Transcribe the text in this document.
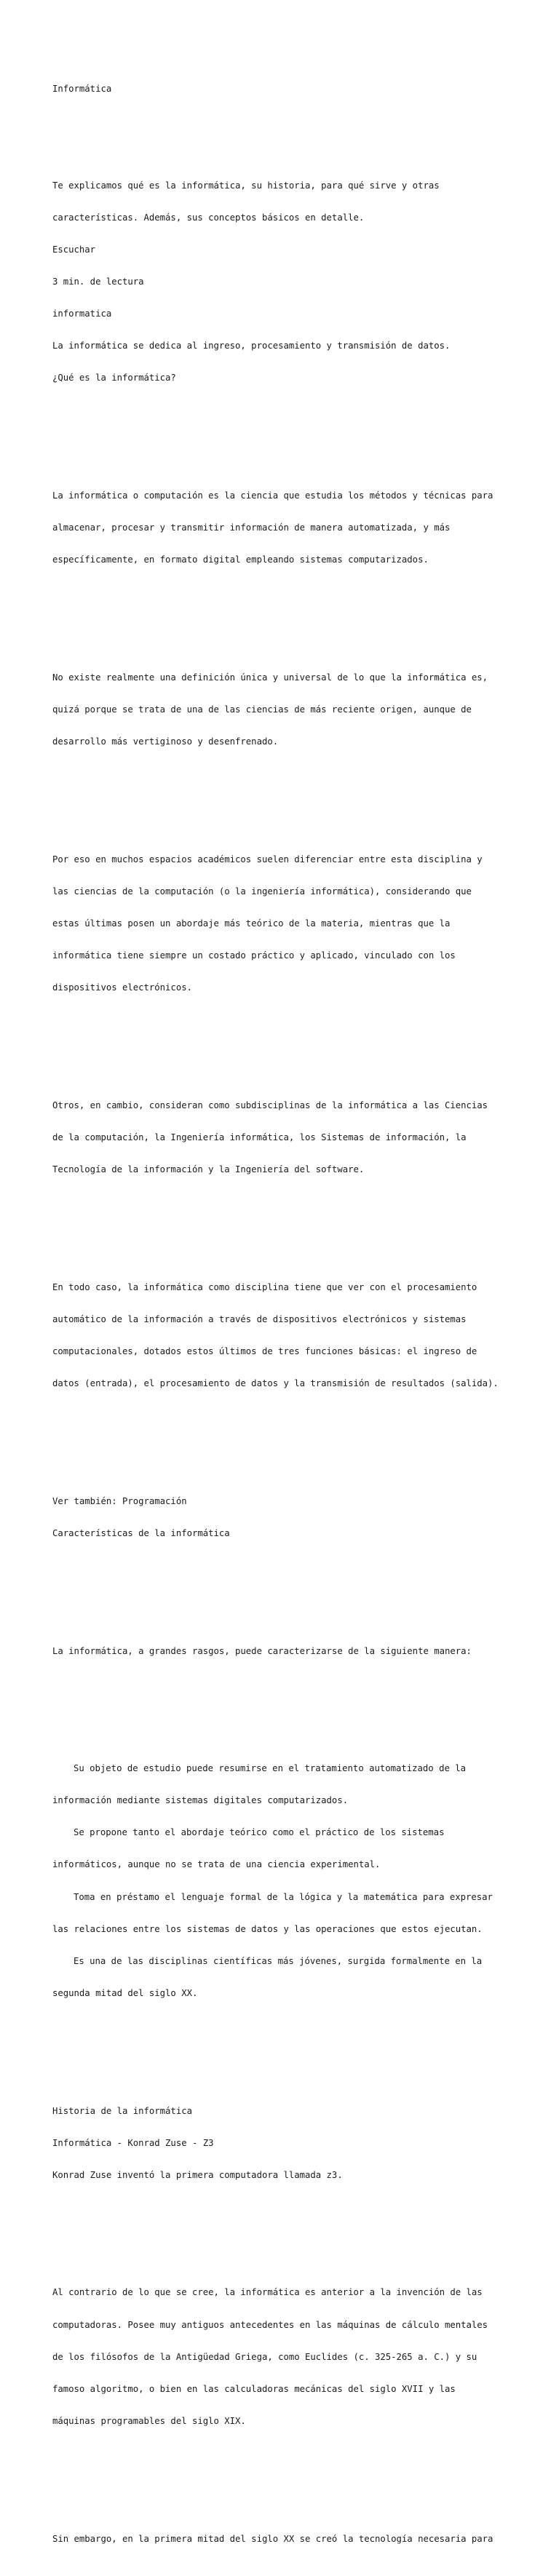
Informática

Te explicamos qué es la informática, su historia, para qué sirve y otras

características. Además, sus conceptos básicos en detalle.

Escuchar

3 min. de lectura

informatica

La informática se dedica al ingreso, procesamiento y transmisión de datos.

¿Qué es la informática?

La informática o computación es la ciencia que estudia los métodos y técnicas para

almacenar, procesar y transmitir información de manera automatizada, y más

específicamente, en formato digital empleando sistemas computarizados.

No existe realmente una definición única y universal de lo que la informática es,

quizá porque se trata de una de las ciencias de más reciente origen, aunque de

desarrollo más vertiginoso y desenfrenado.

Por eso en muchos espacios académicos suelen diferenciar entre esta disciplina y

las ciencias de la computación (o la ingeniería informática), considerando que

estas últimas posen un abordaje más teórico de la materia, mientras que la

informática tiene siempre un costado práctico y aplicado, vinculado con los

dispositivos electrónicos.

Otros, en cambio, consideran como subdisciplinas de la informática a las Ciencias

de la computación, la Ingeniería informática, los Sistemas de información, la

Tecnología de la información y la Ingeniería del software.

En todo caso, la informática como disciplina tiene que ver con el procesamiento

automático de la información a través de dispositivos electrónicos y sistemas

computacionales, dotados estos últimos de tres funciones básicas: el ingreso de

datos (entrada), el procesamiento de datos y la transmisión de resultados (salida).

Ver también: Programación

Características de la informática

La informática, a grandes rasgos, puede caracterizarse de la siguiente manera:

Su objeto de estudio puede resumirse en el tratamiento automatizado de la

información mediante sistemas digitales computarizados.

Se propone tanto el abordaje teórico como el práctico de los sistemas

informáticos, aunque no se trata de una ciencia experimental.

Toma en préstamo el lenguaje formal de la lógica y la matemática para expresar

las relaciones entre los sistemas de datos y las operaciones que estos ejecutan.

Es una de las disciplinas científicas más jóvenes, surgida formalmente en la

segunda mitad del siglo XX.

Historia de la informática

Informática - Konrad Zuse - Z3

Konrad Zuse inventó la primera computadora llamada z3.

Al contrario de lo que se cree, la informática es anterior a la invención de las

computadoras. Posee muy antiguos antecedentes en las máquinas de cálculo mentales

de los filósofos de la Antigüedad Griega, como Euclides (c. 325-265 a. C.) y su

famoso algoritmo, o bien en las calculadoras mecánicas del siglo XVII y las

máquinas programables del siglo XIX.

Sin embargo, en la primera mitad del siglo XX se creó la tecnología necesaria para
